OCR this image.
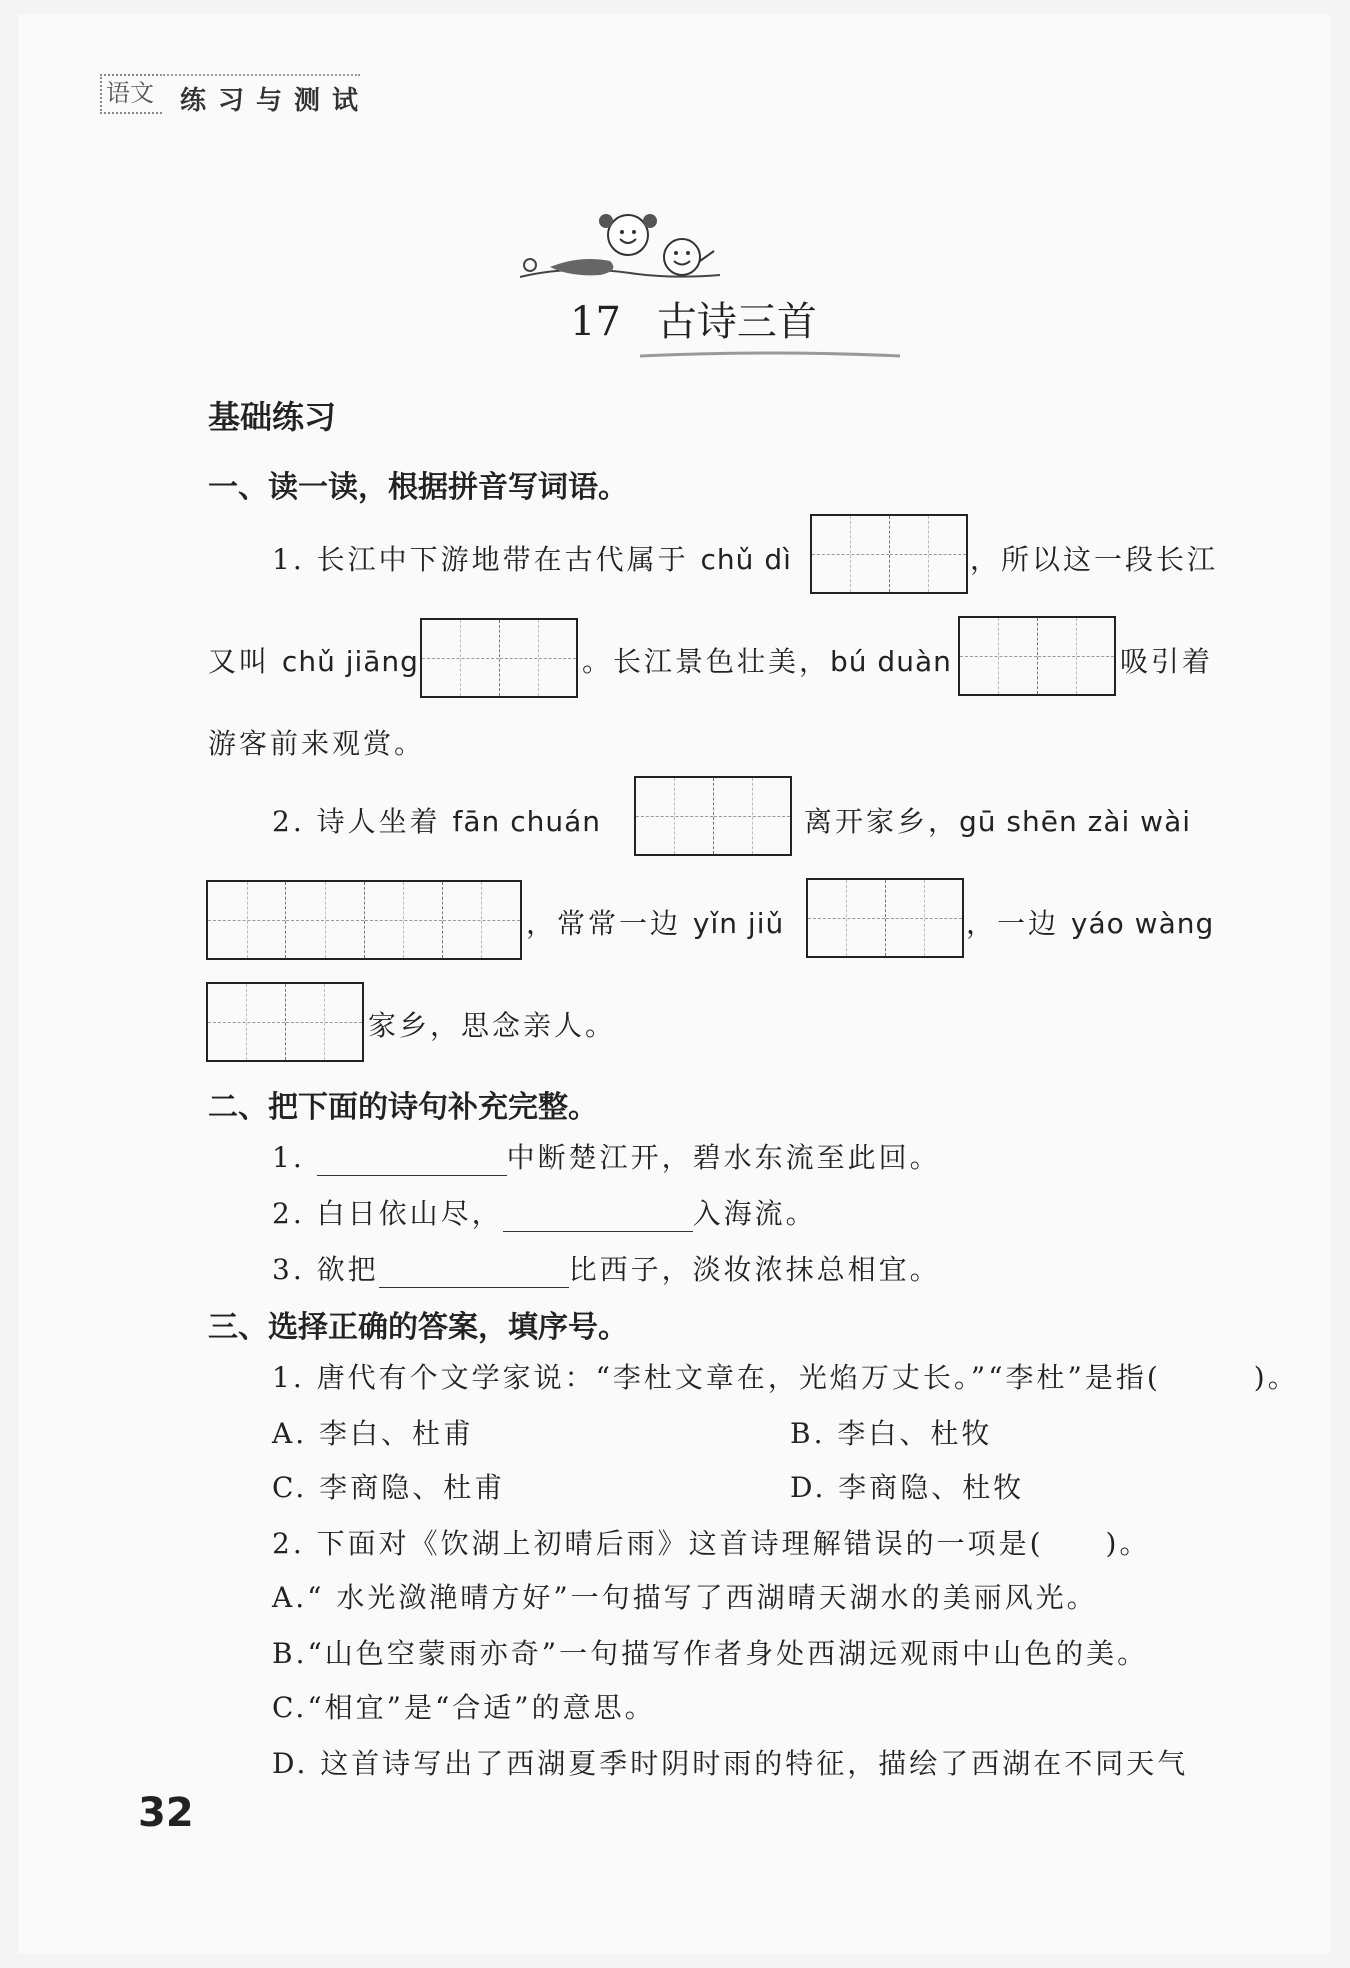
语文	练习与测试
17 古诗三首
基础练习
一、读一读，根据拼音写词语。
1. 长江中下游地带在古代属于 chǔ dì	，所以这一段长江
又叫 chǔ jiāng	。长江景色壮美，bú duàn	吸引着
游客前来观赏。
2. 诗人坐着 fān chuán	离开家乡，gū shēn zài wài
，常常一边 yǐn jiǔ	，一边 yáo wàng
家乡，思念亲人。
二、把下面的诗句补充完整。
1.	中断楚江开，碧水东流至此回。
2. 白日依山尽，	入海流。
3. 欲把	比西子，淡妆浓抹总相宜。
三、选择正确的答案，填序号。
1. 唐代有个文学家说：“李杜文章在，光焰万丈长。”“李杜”是指(　　　)。
A. 李白、杜甫	B. 李白、杜牧
C. 李商隐、杜甫	D. 李商隐、杜牧
2. 下面对《饮湖上初晴后雨》这首诗理解错误的一项是(　　)。
A.“ 水光潋滟晴方好”一句描写了西湖晴天湖水的美丽风光。
B.“山色空蒙雨亦奇”一句描写作者身处西湖远观雨中山色的美。
C.“相宜”是“合适”的意思。
D. 这首诗写出了西湖夏季时阴时雨的特征，描绘了西湖在不同天气
32
